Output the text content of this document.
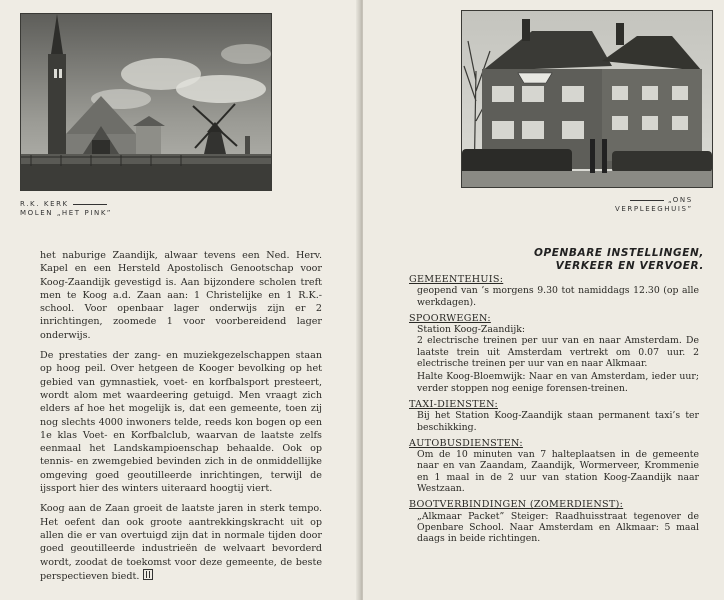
R.K. KERK
MOLEN „HET PINK”

het naburige Zaandijk, alwaar tevens een Ned. Herv. Kapel en een Hersteld Apostolisch Genootschap voor Koog-Zaandijk gevestigd is. Aan bijzondere scholen treft men te Koog a.d. Zaan aan: 1 Christelijke en 1 R.K.-school. Voor openbaar lager onderwijs zijn er 2 inrichtingen, zoomede 1 voor voorbereidend lager onderwijs.

De prestaties der zang- en muziekgezelschappen staan op hoog peil. Over hetgeen de Kooger bevolking op het gebied van gymnastiek, voet- en korfbalsport presteert, wordt alom met waardeering getuigd. Men vraagt zich elders af hoe het mogelijk is, dat een gemeente, toen zij nog slechts 4000 inwoners telde, reeds kon bogen op een 1e klas Voet- en Korfbalclub, waarvan de laatste zelfs eenmaal het Landskampioenschap behaalde. Ook op tennis- en zwemgebied bevinden zich in de onmiddellijke omgeving goed geoutilleerde inrichtingen, terwijl de ijssport hier des winters uiteraard hoogtij viert.

Koog aan de Zaan groeit de laatste jaren in sterk tempo. Het oefent dan ook groote aantrekkingskracht uit op allen die er van overtuigd zijn dat in normale tijden door goed geoutilleerde industrieën de welvaart bevorderd wordt, zoodat de toekomst voor deze gemeente, de beste perspectieven biedt.

„ONS
VERPLEEGHUIS”
OPENBARE INSTELLINGEN,
VERKEER EN VERVOER.
GEMEENTEHUIS:

geopend van ’s morgens 9.30 tot namiddags 12.30 (op alle werkdagen).

SPOORWEGEN:

Station Koog-Zaandijk:

2 electrische treinen per uur van en naar Amsterdam. De laatste trein uit Amsterdam vertrekt om 0.07 uur. 2 electrische treinen per uur van en naar Alkmaar.

Halte Koog-Bloemwijk: Naar en van Amsterdam, ieder uur; verder stoppen nog eenige forensen-treinen.

TAXI-DIENSTEN:

Bij het Station Koog-Zaandijk staan permanent taxi’s ter beschikking.

AUTOBUSDIENSTEN:

Om de 10 minuten van 7 halteplaatsen in de gemeente naar en van Zaandam, Zaandijk, Wormerveer, Krommenie en 1 maal in de 2 uur van station Koog-Zaandijk naar Westzaan.

BOOTVERBINDINGEN (ZOMERDIENST):

„Alkmaar Packet” Steiger: Raadhuisstraat tegenover de Openbare School. Naar Amsterdam en Alkmaar: 5 maal daags in beide richtingen.
